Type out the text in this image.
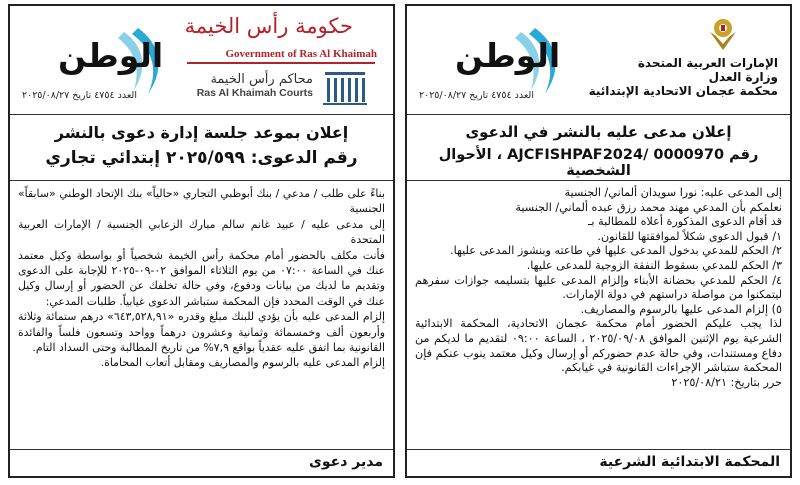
الوطن
العدد ٤٧٥٤ تاريخ ٢٠٢٥/٠٨/٢٧
الإمارات العربية المتحدة
وزارة العدل
محكمة عجمان الاتحادية الإبتدائية
إعلان مدعى عليه بالنشر في الدعوى
رقم AJCFISHPAF2024/ 0000970 ، الأحوال الشخصية

إلى المدعى عليه: نورا سويدان ألماني/ الجنسية

نعلمكم بأن المدعي مهند محمد رزق عبده ألماني/ الجنسية

قد أقام الدعوى المذكورة أعلاه للمطالبة بـ

١/ قبول الدعوى شكلاً لموافقتها للقانون.

٢/ الحكم للمدعي بدخول المدعى عليها في طاعته وبنشوز المدعى عليها.

٣/ الحكم للمدعي بسقوط النفقة الزوجية للمدعى عليها.

٤/ الحكم للمدعي بحضانة الأبناء وإلزام المدعى عليها بتسليمه جوازات سفرهم ليتمكنوا من مواصلة دراستهم في دولة الإمارات.

٥) إلزام المدعى عليها بالرسوم والمصاريف.

لذا يجب عليكم الحضور أمام محكمة عجمان الاتحادية، المحكمة الابتدائية الشرعية يوم الإثنين الموافق ٢٠٢٥/٠٩/٠٨ ، الساعة ٠٩:٠٠ لتقديم ما لديكم من دفاع ومستندات، وفي حالة عدم حضوركم أو إرسال وكيل معتمد ينوب عنكم فإن المحكمة ستباشر الإجراءات القانونية في غيابكم.

حرر بتاريخ: ٢٠٢٥/٠٨/٢١

المحكمة الابتدائية الشرعية
الوطن
العدد ٤٧٥٤ تاريخ ٢٠٢٥/٠٨/٢٧
حكومة رأس الخيمة
Government of Ras Al Khaimah
محاكم رأس الخيمة
Ras Al Khaimah Courts
إعلان بموعد جلسة إدارة دعوى بالنشر
رقم الدعوى: ٢٠٢٥/٥٩٩ إبتدائي تجاري

بناءً على طلب / مدعي / بنك أبوظبي التجاري «حالياً» بنك الإتحاد الوطني «سابقاً» الجنسية

إلى مدعى عليه / عبيد غانم سالم مبارك الزعابي الجنسية / الإمارات العربية المتحدة

فأنت مكلف بالحضور أمام محكمة رأس الخيمة شخصياً أو بواسطة وكيل معتمد عنك في الساعة ٠٧:٠٠ من يوم الثلاثاء الموافق ٠٢-٠٩-٢٠٢٥ للإجابة على الدعوى وتقديم ما لديك من بيانات ودفوع، وفي حالة تخلفك عن الحضور أو إرسال وكيل عنك في الوقت المحدد فإن المحكمة ستباشر الدعوى غيابياً. طلبات المدعي:

إلزام المدعى عليه بأن يؤدي للبنك مبلغ وقدره «٦٤٣,٥٢٨,٩١» درهم ستمائة وثلاثة وأربعون ألف وخمسمائة وثمانية وعشرون درهماً وواحد وتسعون فلساً والفائدة القانونية بما اتفق عليه عقدياً بواقع ٧,٩% من تاريخ المطالبة وحتى السداد التام.

إلزام المدعى عليه بالرسوم والمصاريف ومقابل أتعاب المحاماة.

مدير دعوى
